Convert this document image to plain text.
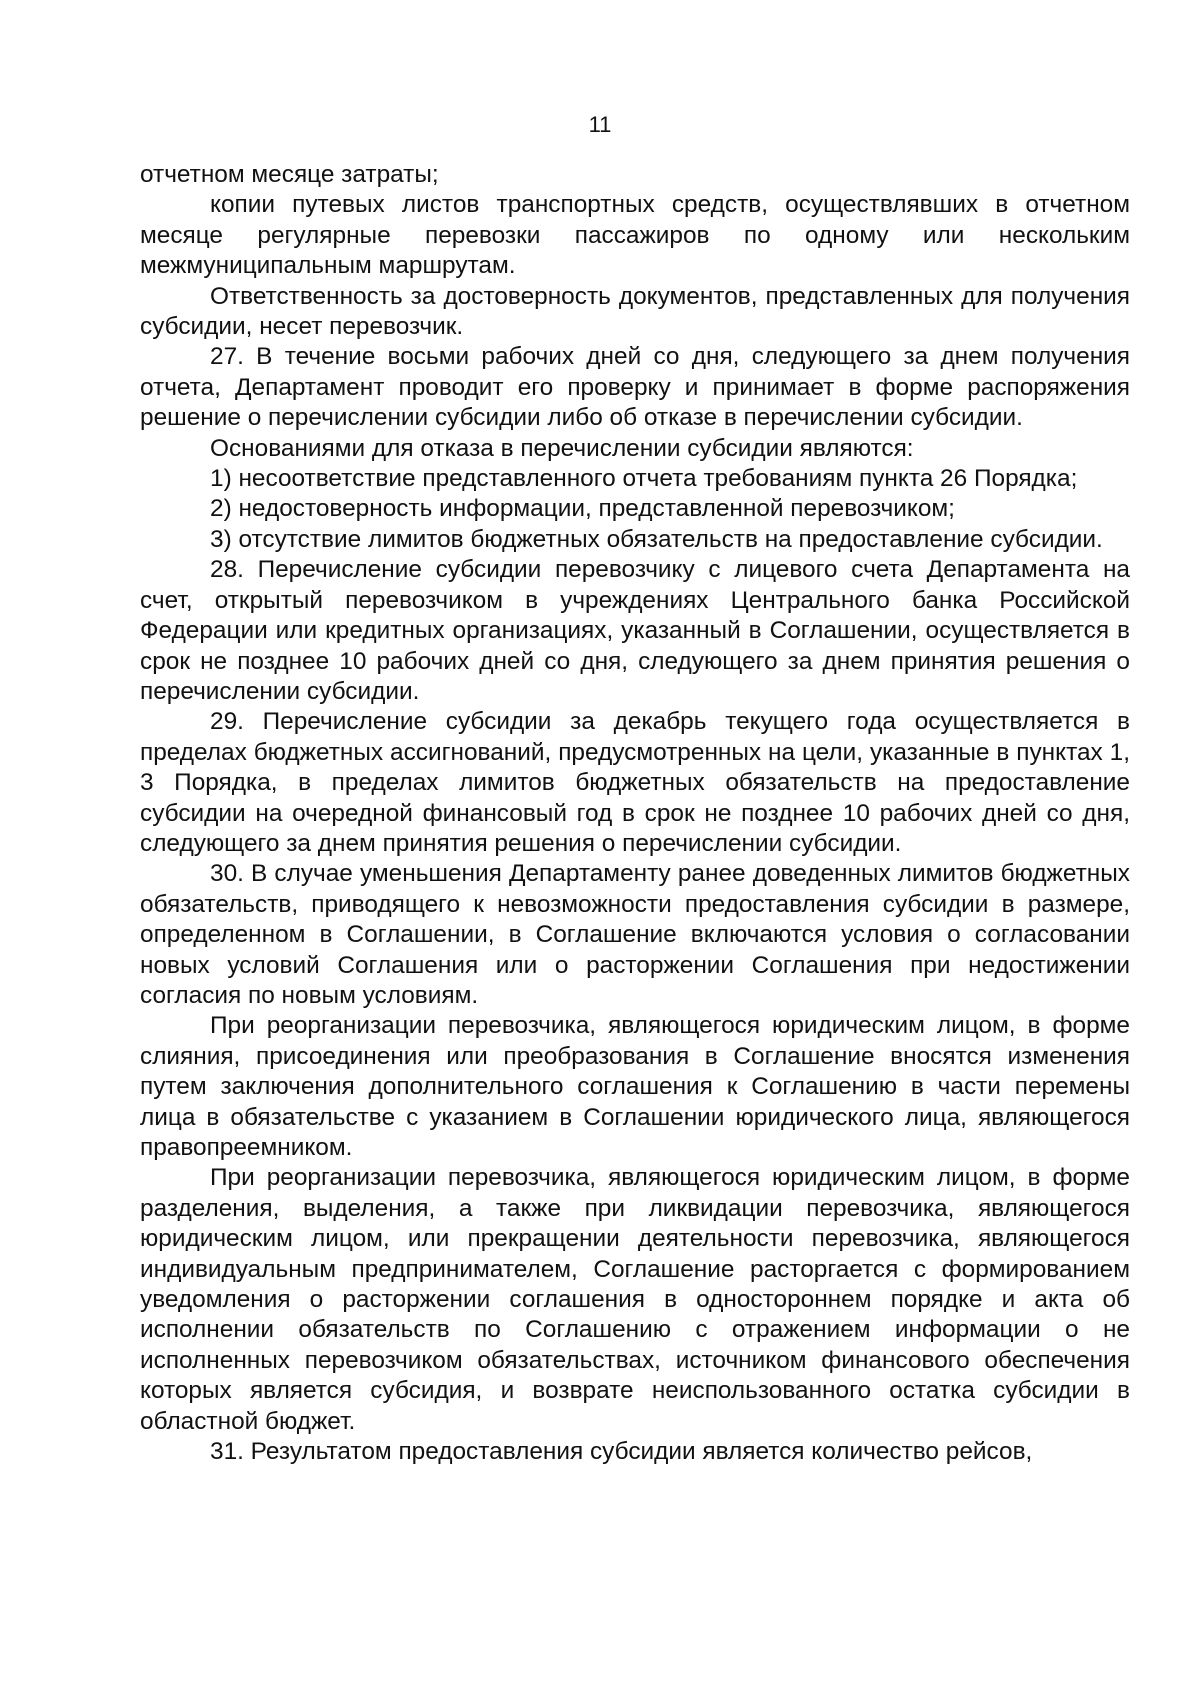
11

отчетном месяце затраты;

копии путевых листов транспортных средств, осуществлявших в отчетном месяце регулярные перевозки пассажиров по одному или нескольким межмуниципальным маршрутам.

Ответственность за достоверность документов, представленных для получения субсидии, несет перевозчик.

27. В течение восьми рабочих дней со дня, следующего за днем получения отчета, Департамент проводит его проверку и принимает в форме распоряжения решение о перечислении субсидии либо об отказе в перечислении субсидии.

Основаниями для отказа в перечислении субсидии являются:

1) несоответствие представленного отчета требованиям пункта 26 Порядка;

2) недостоверность информации, представленной перевозчиком;

3) отсутствие лимитов бюджетных обязательств на предоставление субсидии.

28. Перечисление субсидии перевозчику с лицевого счета Департамента на счет, открытый перевозчиком в учреждениях Центрального банка Российской Федерации или кредитных организациях, указанный в Соглашении, осуществляется в срок не позднее 10 рабочих дней со дня, следующего за днем принятия решения о перечислении субсидии.

29. Перечисление субсидии за декабрь текущего года осуществляется в пределах бюджетных ассигнований, предусмотренных на цели, указанные в пунктах 1, 3 Порядка, в пределах лимитов бюджетных обязательств на предоставление субсидии на очередной финансовый год в срок не позднее 10 рабочих дней со дня, следующего за днем принятия решения о перечислении субсидии.

30. В случае уменьшения Департаменту ранее доведенных лимитов бюджетных обязательств, приводящего к невозможности предоставления субсидии в размере, определенном в Соглашении, в Соглашение включаются условия о согласовании новых условий Соглашения или о расторжении Соглашения при недостижении согласия по новым условиям.

При реорганизации перевозчика, являющегося юридическим лицом, в форме слияния, присоединения или преобразования в Соглашение вносятся изменения путем заключения дополнительного соглашения к Соглашению в части перемены лица в обязательстве с указанием в Соглашении юридического лица, являющегося правопреемником.

При реорганизации перевозчика, являющегося юридическим лицом, в форме разделения, выделения, а также при ликвидации перевозчика, являющегося юридическим лицом, или прекращении деятельности перевозчика, являющегося индивидуальным предпринимателем, Соглашение расторгается с формированием уведомления о расторжении соглашения в одностороннем порядке и акта об исполнении обязательств по Соглашению с отражением информации о не исполненных перевозчиком обязательствах, источником финансового обеспечения которых является субсидия, и возврате неиспользованного остатка субсидии в областной бюджет.

31. Результатом предоставления субсидии является количество рейсов,
